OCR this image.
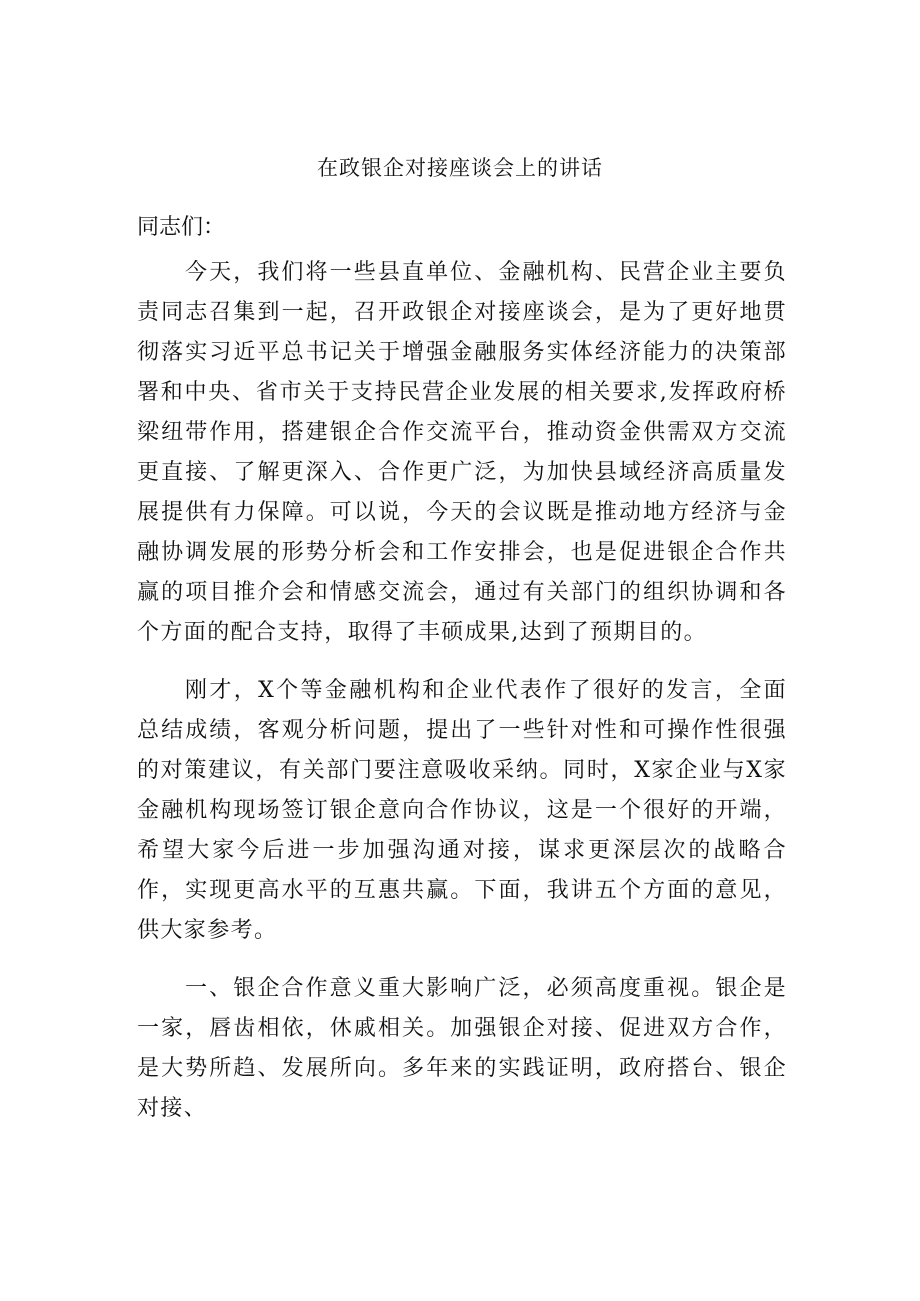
在政银企对接座谈会上的讲话

同志们：

今天，我们将一些县直单位、金融机构、民营企业主要负责同志召集到一起，召开政银企对接座谈会，是为了更好地贯彻落实习近平总书记关于增强金融服务实体经济能力的决策部署和中央、省市关于支持民营企业发展的相关要求,发挥政府桥梁纽带作用，搭建银企合作交流平台，推动资金供需双方交流更直接、了解更深入、合作更广泛，为加快县域经济高质量发展提供有力保障。可以说，今天的会议既是推动地方经济与金融协调发展的形势分析会和工作安排会，也是促进银企合作共赢的项目推介会和情感交流会，通过有关部门的组织协调和各个方面的配合支持，取得了丰硕成果,达到了预期目的。

刚才，X个等金融机构和企业代表作了很好的发言，全面总结成绩，客观分析问题，提出了一些针对性和可操作性很强的对策建议，有关部门要注意吸收采纳。同时，X家企业与X家金融机构现场签订银企意向合作协议，这是一个很好的开端，希望大家今后进一步加强沟通对接，谋求更深层次的战略合作，实现更高水平的互惠共赢。下面，我讲五个方面的意见，供大家参考。

一、银企合作意义重大影响广泛，必须高度重视。银企是一家，唇齿相依，休戚相关。加强银企对接、促进双方合作，是大势所趋、发展所向。多年来的实践证明，政府搭台、银企对接、
